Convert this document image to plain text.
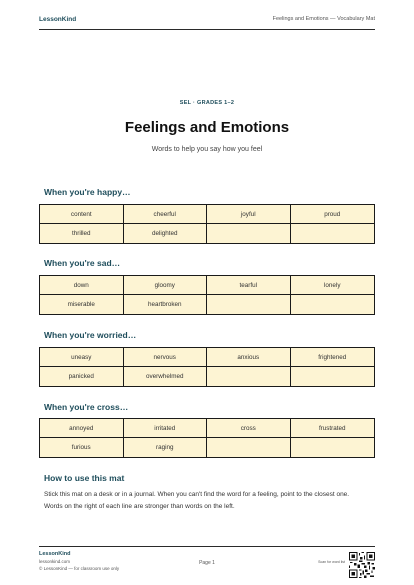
LessonKind	Feelings and Emotions — Vocabulary Mat
SEL · GRADES 1–2
Feelings and Emotions
Words to help you say how you feel
When you're happy…
content	cheerful	joyful	proud
thrilled	delighted
When you're sad…
down	gloomy	tearful	lonely
miserable	heartbroken
When you're worried…
uneasy	nervous	anxious	frightened
panicked	overwhelmed
When you're cross…
annoyed	irritated	cross	frustrated
furious	raging
How to use this mat
Stick this mat on a desk or in a journal. When you can't find the word for a feeling, point to the closest one. Words on the right of each line are stronger than words on the left.
LessonKind
lessonkind.com
© LessonKind — for classroom use only
Page 1	Scan for word list
